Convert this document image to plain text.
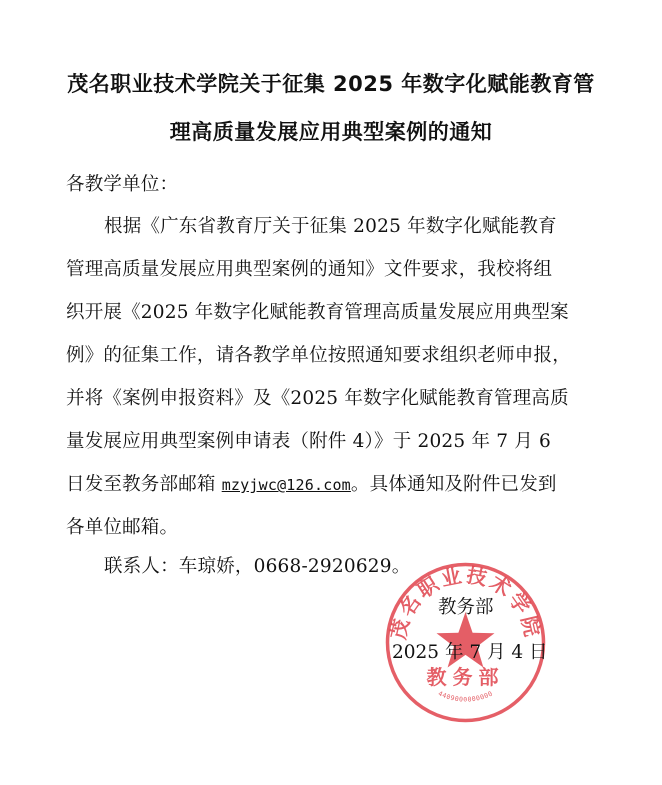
茂名职业技术学院关于征集 2025 年数字化赋能教育管
理高质量发展应用典型案例的通知
各教学单位：
根据《广东省教育厅关于征集 2025 年数字化赋能教育
管理高质量发展应用典型案例的通知》文件要求，我校将组
织开展《2025 年数字化赋能教育管理高质量发展应用典型案
例》的征集工作，请各教学单位按照通知要求组织老师申报，
并将《案例申报资料》及《2025 年数字化赋能教育管理高质
量发展应用典型案例申请表（附件 4）》于 2025 年 7 月 6
日发至教务部邮箱 mzyjwc@126.com。具体通知及附件已发到
各单位邮箱。
联系人：车琼娇，0668-2920629。
茂名职业技术学院
教务部
4409000000000
教务部
2025 年 7 月 4 日
